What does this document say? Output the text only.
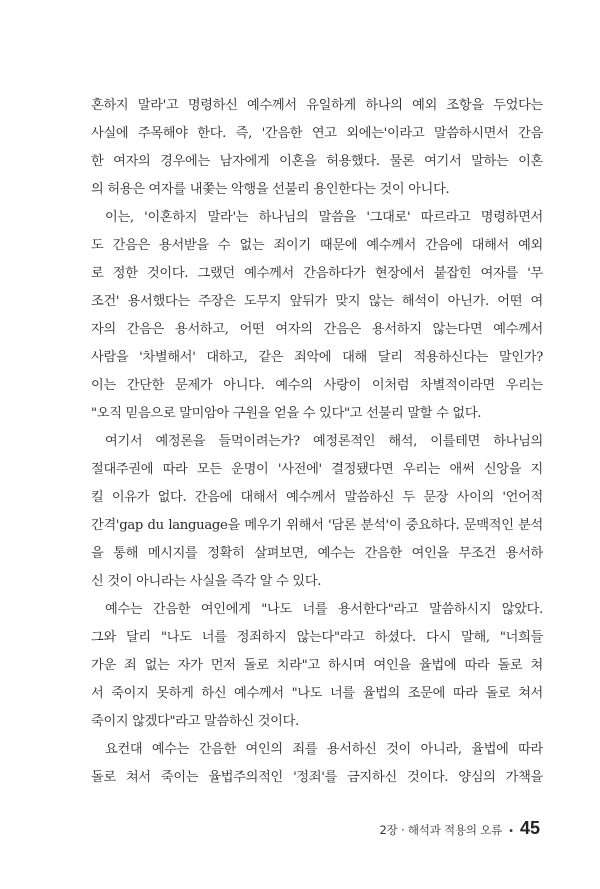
혼하지 말라'고 명령하신 예수께서 유일하게 하나의 예외 조항을 두었다는
사실에 주목해야 한다. 즉, '간음한 연고 외에는'이라고 말씀하시면서 간음
한 여자의 경우에는 남자에게 이혼을 허용했다. 물론 여기서 말하는 이혼
의 허용은 여자를 내쫓는 악행을 선불리 용인한다는 것이 아니다.
이는, '이혼하지 말라'는 하나님의 말씀을 '그대로' 따르라고 명령하면서
도 간음은 용서받을 수 없는 죄이기 때문에 예수께서 간음에 대해서 예외
로 정한 것이다. 그랬던 예수께서 간음하다가 현장에서 붙잡힌 여자를 '무
조건' 용서했다는 주장은 도무지 앞뒤가 맞지 않는 해석이 아닌가. 어떤 여
자의 간음은 용서하고, 어떤 여자의 간음은 용서하지 않는다면 예수께서
사람을 '차별해서' 대하고, 같은 죄악에 대해 달리 적용하신다는 말인가?
이는 간단한 문제가 아니다. 예수의 사랑이 이처럼 차별적이라면 우리는
"오직 믿음으로 말미암아 구원을 얻을 수 있다"고 선불리 말할 수 없다.
여기서 예정론을 들먹이려는가? 예정론적인 해석, 이를테면 하나님의
절대주권에 따라 모든 운명이 '사전에' 결정됐다면 우리는 애써 신앙을 지
킬 이유가 없다. 간음에 대해서 예수께서 말씀하신 두 문장 사이의 '언어적
간격'gap du language을 메우기 위해서 '담론 분석'이 중요하다. 문맥적인 분석
을 통해 메시지를 정확히 살펴보면, 예수는 간음한 여인을 무조건 용서하
신 것이 아니라는 사실을 즉각 알 수 있다.
예수는 간음한 여인에게 "나도 너를 용서한다"라고 말씀하시지 않았다.
그와 달리 "나도 너를 정죄하지 않는다"라고 하셨다. 다시 말해, "너희들
가운 죄 없는 자가 먼저 돌로 치라"고 하시며 여인을 율법에 따라 돌로 쳐
서 죽이지 못하게 하신 예수께서 "나도 너를 율법의 조문에 따라 돌로 쳐서
죽이지 않겠다"라고 말씀하신 것이다.
요컨대 예수는 간음한 여인의 죄를 용서하신 것이 아니라, 율법에 따라
돌로 쳐서 죽이는 율법주의적인 '정죄'를 금지하신 것이다. 양심의 가책을
2장 · 해석과 적용의 오류 • 45
